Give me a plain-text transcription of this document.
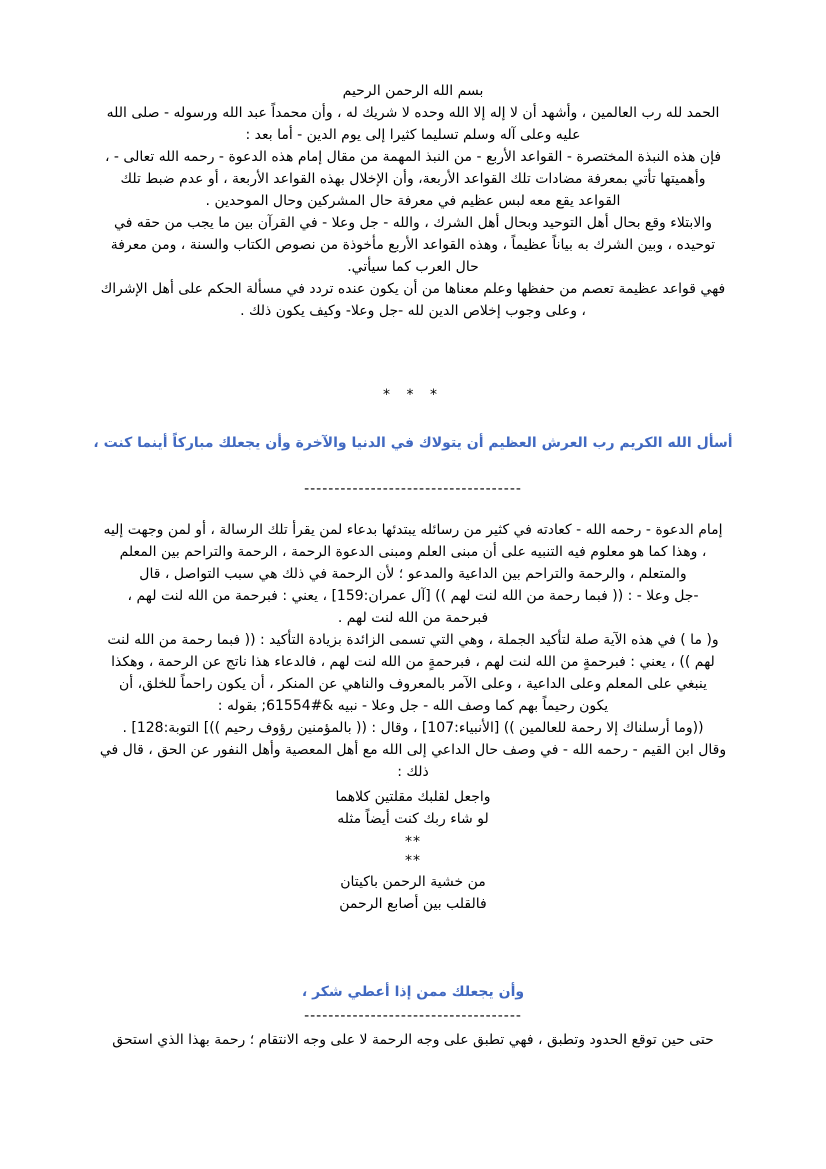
بسم الله الرحمن الرحيم
الحمد لله رب العالمين ، وأشهد أن لا إله إلا الله وحده لا شريك له ، وأن محمداً عبد الله ورسوله - صلى الله
عليه وعلى آله وسلم تسليما كثيرا إلى يوم الدين - أما بعد :
فإن هذه النبذة المختصرة - القواعد الأربع - من النبذ المهمة من مقال إمام هذه الدعوة - رحمه الله تعالى - ،
وأهميتها تأتي بمعرفة مضادات تلك القواعد الأربعة، وأن الإخلال بهذه القواعد الأربعة ، أو عدم ضبط تلك
القواعد يقع معه لبس عظيم في معرفة حال المشركين وحال الموحدين .
والابتلاء وقع بحال أهل التوحيد وبحال أهل الشرك ، والله - جل وعلا - في القرآن بين ما يجب من حقه في
توحيده ، وبين الشرك به بياناً عظيماً ، وهذه القواعد الأربع مأخوذة من نصوص الكتاب والسنة ، ومن معرفة
حال العرب كما سيأتي.
فهي قواعد عظيمة تعصم من حفظها وعلم معناها من أن يكون عنده تردد في مسألة الحكم على أهل الإشراك
، وعلى وجوب إخلاص الدين لله -جل وعلا- وكيف يكون ذلك .
* * *
أسأل الله الكريم رب العرش العظيم أن يتولاك في الدنيا والآخرة وأن يجعلك مباركاً أينما كنت ،
------------------------------------
إمام الدعوة - رحمه الله - كعادته في كثير من رسائله يبتدئها بدعاء لمن يقرأ تلك الرسالة ، أو لمن وجهت إليه
، وهذا كما هو معلوم فيه التنبيه على أن مبنى العلم ومبنى الدعوة الرحمة ، الرحمة والتراحم بين المعلم
والمتعلم ، والرحمة والتراحم بين الداعية والمدعو ؛ لأن الرحمة في ذلك هي سبب التواصل ، قال
-جل وعلا - : (( فبما رحمة من الله لنت لهم )) [آل عمران:159] ، يعني : فبرحمة من الله لنت لهم ،
فبرحمة من الله لنت لهم .
و( ما ) في هذه الآية صلة لتأكيد الجملة ، وهي التي تسمى الزائدة بزيادة التأكيد : (( فبما رحمة من الله لنت
لهم )) ، يعني : فبرحمةٍ من الله لنت لهم ، فبرحمةٍ من الله لنت لهم ، فالدعاء هذا ناتج عن الرحمة ، وهكذا
ينبغي على المعلم وعلى الداعية ، وعلى الآمر بالمعروف والناهي عن المنكر ، أن يكون راحماً للخلق، أن
يكون رحيماً بهم كما وصف الله - جل وعلا - نبيه &#61554; بقوله :
((وما أرسلناك إلا رحمة للعالمين )) [الأنبياء:107] ، وقال : (( بالمؤمنين رؤوف رحيم ))] التوبة:128] .
وقال ابن القيم - رحمه الله - في وصف حال الداعي إلى الله مع أهل المعصية وأهل النفور عن الحق ، قال في
ذلك :
واجعل لقلبك مقلتين كلاهما
لو شاء ربك كنت أيضاً مثله
**
**
من خشية الرحمن باكيتان
فالقلب بين أصابع الرحمن
وأن يجعلك ممن إذا أعطي شكر ،
------------------------------------
حتى حين توقع الحدود وتطبق ، فهي تطبق على وجه الرحمة لا على وجه الانتقام ؛ رحمة بهذا الذي استحق
